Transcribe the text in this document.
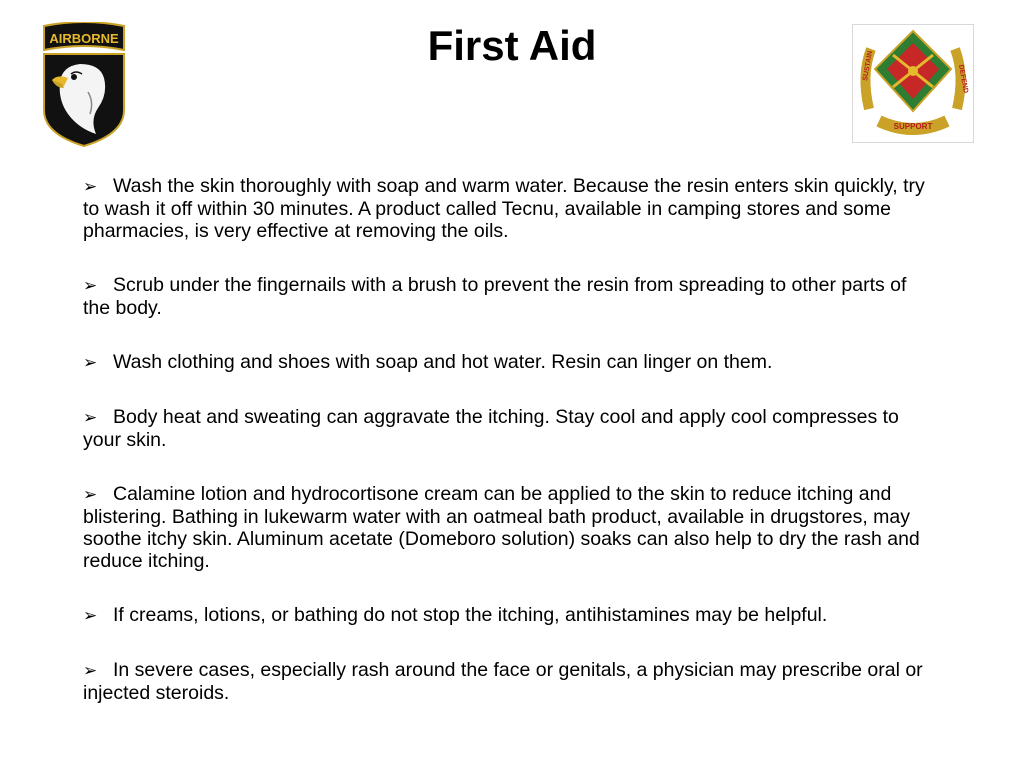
AIRBORNE	First Aid
SUPPORT
SUSTAIN	DEFEND
➢ Wash the skin thoroughly with soap and warm water. Because the resin enters skin quickly, try to wash it off within 30 minutes. A product called Tecnu, available in camping stores and some pharmacies, is very effective at removing the oils.
➢ Scrub under the fingernails with a brush to prevent the resin from spreading to other parts of the body.
➢ Wash clothing and shoes with soap and hot water. Resin can linger on them.
➢ Body heat and sweating can aggravate the itching. Stay cool and apply cool compresses to your skin.
➢ Calamine lotion and hydrocortisone cream can be applied to the skin to reduce itching and blistering. Bathing in lukewarm water with an oatmeal bath product, available in drugstores, may soothe itchy skin. Aluminum acetate (Domeboro solution) soaks can also help to dry the rash and reduce itching.
➢ If creams, lotions, or bathing do not stop the itching, antihistamines may be helpful.
➢ In severe cases, especially rash around the face or genitals, a physician may prescribe oral or injected steroids.
